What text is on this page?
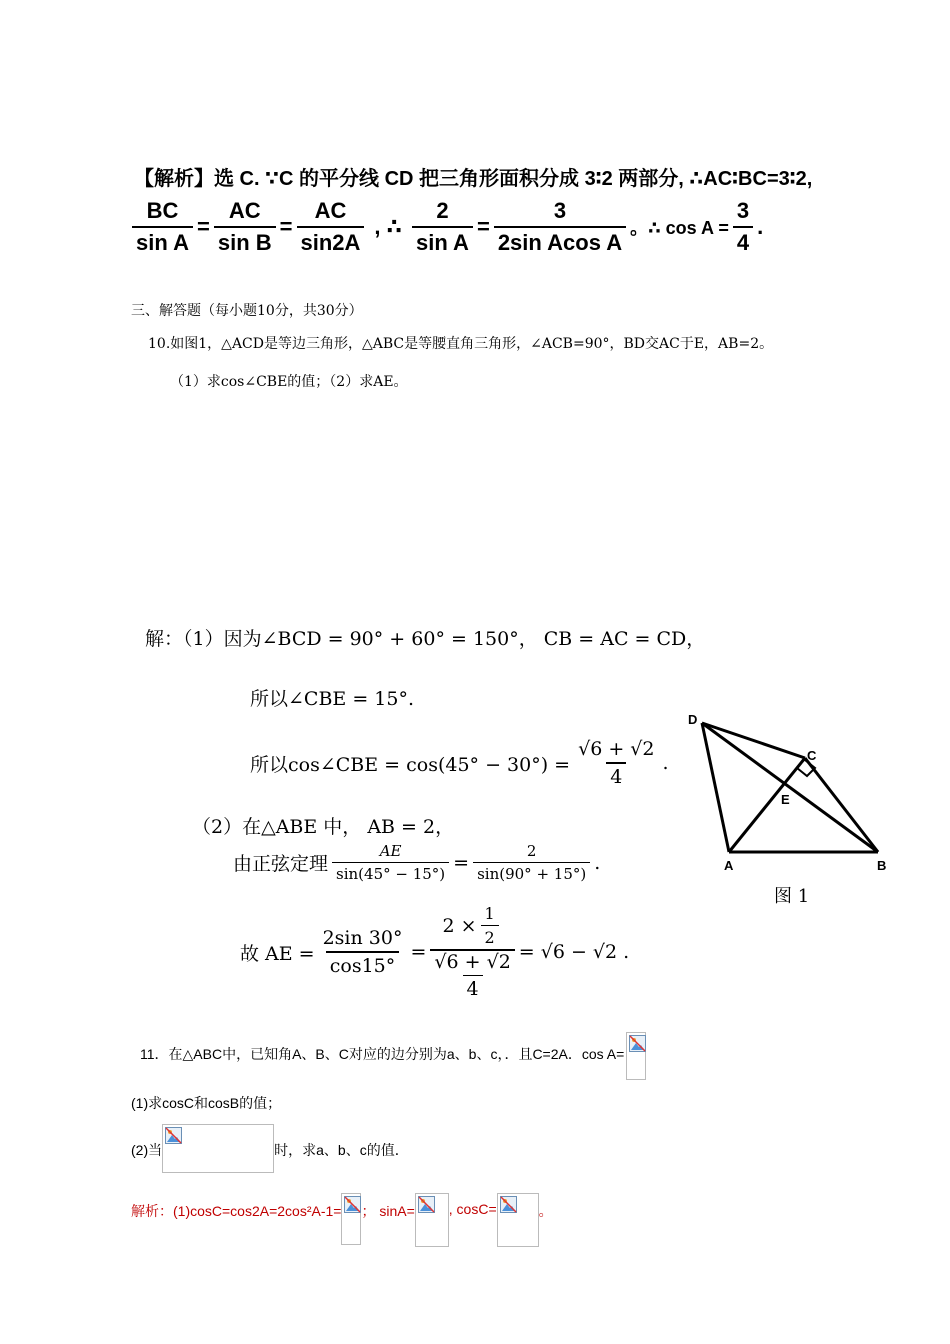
【解析】选 C. ∵C 的平分线 CD 把三角形面积分成 3∶2 两部分, ∴AC∶BC=3∶2,
$\frac{BC}{\text{sin A}} = \frac{AC}{\text{sin B}} = \frac{AC}{\sin 2A}$ , ∴ $\frac{2}{\text{sin A}} = \frac{3}{\text{2sin Acos A}}$ 。∴ $\cos A = \frac{3}{4}$ .
三、解答题（每小题10分，共30分）
10.如图1，△ACD是等边三角形，△ABC是等腰直角三角形，∠ACB=90°，BD交AC于E，AB=2。
（1）求cos∠CBE的值；（2）求AE。
解：（1）因为∠BCD = 90° + 60° = 150°， CB = AC = CD，
所以∠CBE = 15°.
所以cos∠CBE = $\cos(45^\circ - 30^\circ) = \frac{√6 + √2}{4}$ .
（2）在△ABE 中， AB = 2，
由正弦定理 $\frac{AE}{\sin(45^\circ - 15^\circ)} = \frac{2}{\sin(90^\circ + 15^\circ)}$ .
故 AE = $\frac{2\sin 30^\circ}{\cos 15^\circ} = \frac{2 \times \frac{1}{2}}{\frac{√6 + √2}{4}} = √6 - √2$ .
D
C
E
A	B
图 1
11．在△ABC中，已知角A、B、C对应的边分别为a、b、c，．且C=2A．cos A=
(1)求cosC和cosB的值；
(2)当	时，求a、b、c的值．
解析：(1)cosC=cos2A=2cos²A-1= ； sinA= , cosC=	。
